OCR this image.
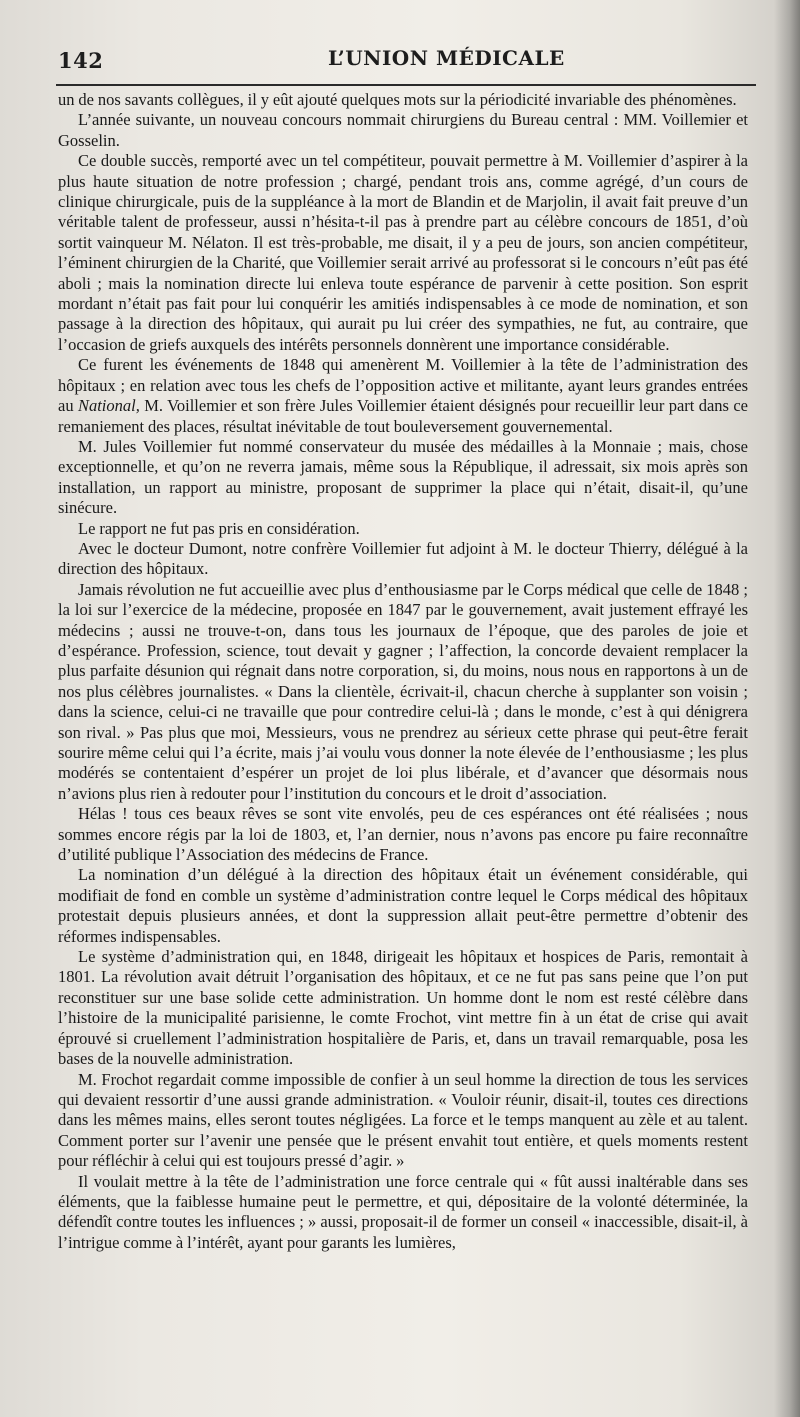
142	L’UNION MÉDICALE

un de nos savants collègues, il y eût ajouté quelques mots sur la périodicité invariable des phénomènes.

L’année suivante, un nouveau concours nommait chirurgiens du Bureau central : MM. Voillemier et Gosselin.

Ce double succès, remporté avec un tel compétiteur, pouvait permettre à M. Voillemier d’aspirer à la plus haute situation de notre profession ; chargé, pendant trois ans, comme agrégé, d’un cours de clinique chirurgicale, puis de la suppléance à la mort de Blandin et de Marjolin, il avait fait preuve d’un véritable talent de professeur, aussi n’hésita-t-il pas à prendre part au célèbre concours de 1851, d’où sortit vainqueur M. Nélaton. Il est très-probable, me disait, il y a peu de jours, son ancien compétiteur, l’éminent chirurgien de la Charité, que Voillemier serait arrivé au professorat si le concours n’eût pas été aboli ; mais la nomination directe lui enleva toute espérance de parvenir à cette position. Son esprit mordant n’était pas fait pour lui conquérir les amitiés indispensables à ce mode de nomination, et son passage à la direction des hôpitaux, qui aurait pu lui créer des sympathies, ne fut, au contraire, que l’occasion de griefs auxquels des intérêts personnels donnèrent une importance considérable.

Ce furent les événements de 1848 qui amenèrent M. Voillemier à la tête de l’administration des hôpitaux ; en relation avec tous les chefs de l’opposition active et militante, ayant leurs grandes entrées au National, M. Voillemier et son frère Jules Voillemier étaient désignés pour recueillir leur part dans ce remaniement des places, résultat inévitable de tout bouleversement gouvernemental.

M. Jules Voillemier fut nommé conservateur du musée des médailles à la Monnaie ; mais, chose exceptionnelle, et qu’on ne reverra jamais, même sous la République, il adressait, six mois après son installation, un rapport au ministre, proposant de supprimer la place qui n’était, disait-il, qu’une sinécure.

Le rapport ne fut pas pris en considération.

Avec le docteur Dumont, notre confrère Voillemier fut adjoint à M. le docteur Thierry, délégué à la direction des hôpitaux.

Jamais révolution ne fut accueillie avec plus d’enthousiasme par le Corps médical que celle de 1848 ; la loi sur l’exercice de la médecine, proposée en 1847 par le gouvernement, avait justement effrayé les médecins ; aussi ne trouve-t-on, dans tous les journaux de l’époque, que des paroles de joie et d’espérance. Profession, science, tout devait y gagner ; l’affection, la concorde devaient remplacer la plus parfaite désunion qui régnait dans notre corporation, si, du moins, nous nous en rapportons à un de nos plus célèbres journalistes. « Dans la clientèle, écrivait-il, chacun cherche à supplanter son voisin ; dans la science, celui-ci ne travaille que pour contredire celui-là ; dans le monde, c’est à qui dénigrera son rival. » Pas plus que moi, Messieurs, vous ne prendrez au sérieux cette phrase qui peut-être ferait sourire même celui qui l’a écrite, mais j’ai voulu vous donner la note élevée de l’enthousiasme ; les plus modérés se contentaient d’espérer un projet de loi plus libérale, et d’avancer que désormais nous n’avions plus rien à redouter pour l’institution du concours et le droit d’association.

Hélas ! tous ces beaux rêves se sont vite envolés, peu de ces espérances ont été réalisées ; nous sommes encore régis par la loi de 1803, et, l’an dernier, nous n’avons pas encore pu faire reconnaître d’utilité publique l’Association des médecins de France.

La nomination d’un délégué à la direction des hôpitaux était un événement considérable, qui modifiait de fond en comble un système d’administration contre lequel le Corps médical des hôpitaux protestait depuis plusieurs années, et dont la suppression allait peut-être permettre d’obtenir des réformes indispensables.

Le système d’administration qui, en 1848, dirigeait les hôpitaux et hospices de Paris, remontait à 1801. La révolution avait détruit l’organisation des hôpitaux, et ce ne fut pas sans peine que l’on put reconstituer sur une base solide cette administration. Un homme dont le nom est resté célèbre dans l’histoire de la municipalité parisienne, le comte Frochot, vint mettre fin à un état de crise qui avait éprouvé si cruellement l’administration hospitalière de Paris, et, dans un travail remarquable, posa les bases de la nouvelle administration.

M. Frochot regardait comme impossible de confier à un seul homme la direction de tous les services qui devaient ressortir d’une aussi grande administration. « Vouloir réunir, disait-il, toutes ces directions dans les mêmes mains, elles seront toutes négligées. La force et le temps manquent au zèle et au talent. Comment porter sur l’avenir une pensée que le présent envahit tout entière, et quels moments restent pour réfléchir à celui qui est toujours pressé d’agir. »

Il voulait mettre à la tête de l’administration une force centrale qui « fût aussi inaltérable dans ses éléments, que la faiblesse humaine peut le permettre, et qui, dépositaire de la volonté déterminée, la défendît contre toutes les influences ; » aussi, proposait-il de former un conseil « inaccessible, disait-il, à l’intrigue comme à l’intérêt, ayant pour garants les lumières,
